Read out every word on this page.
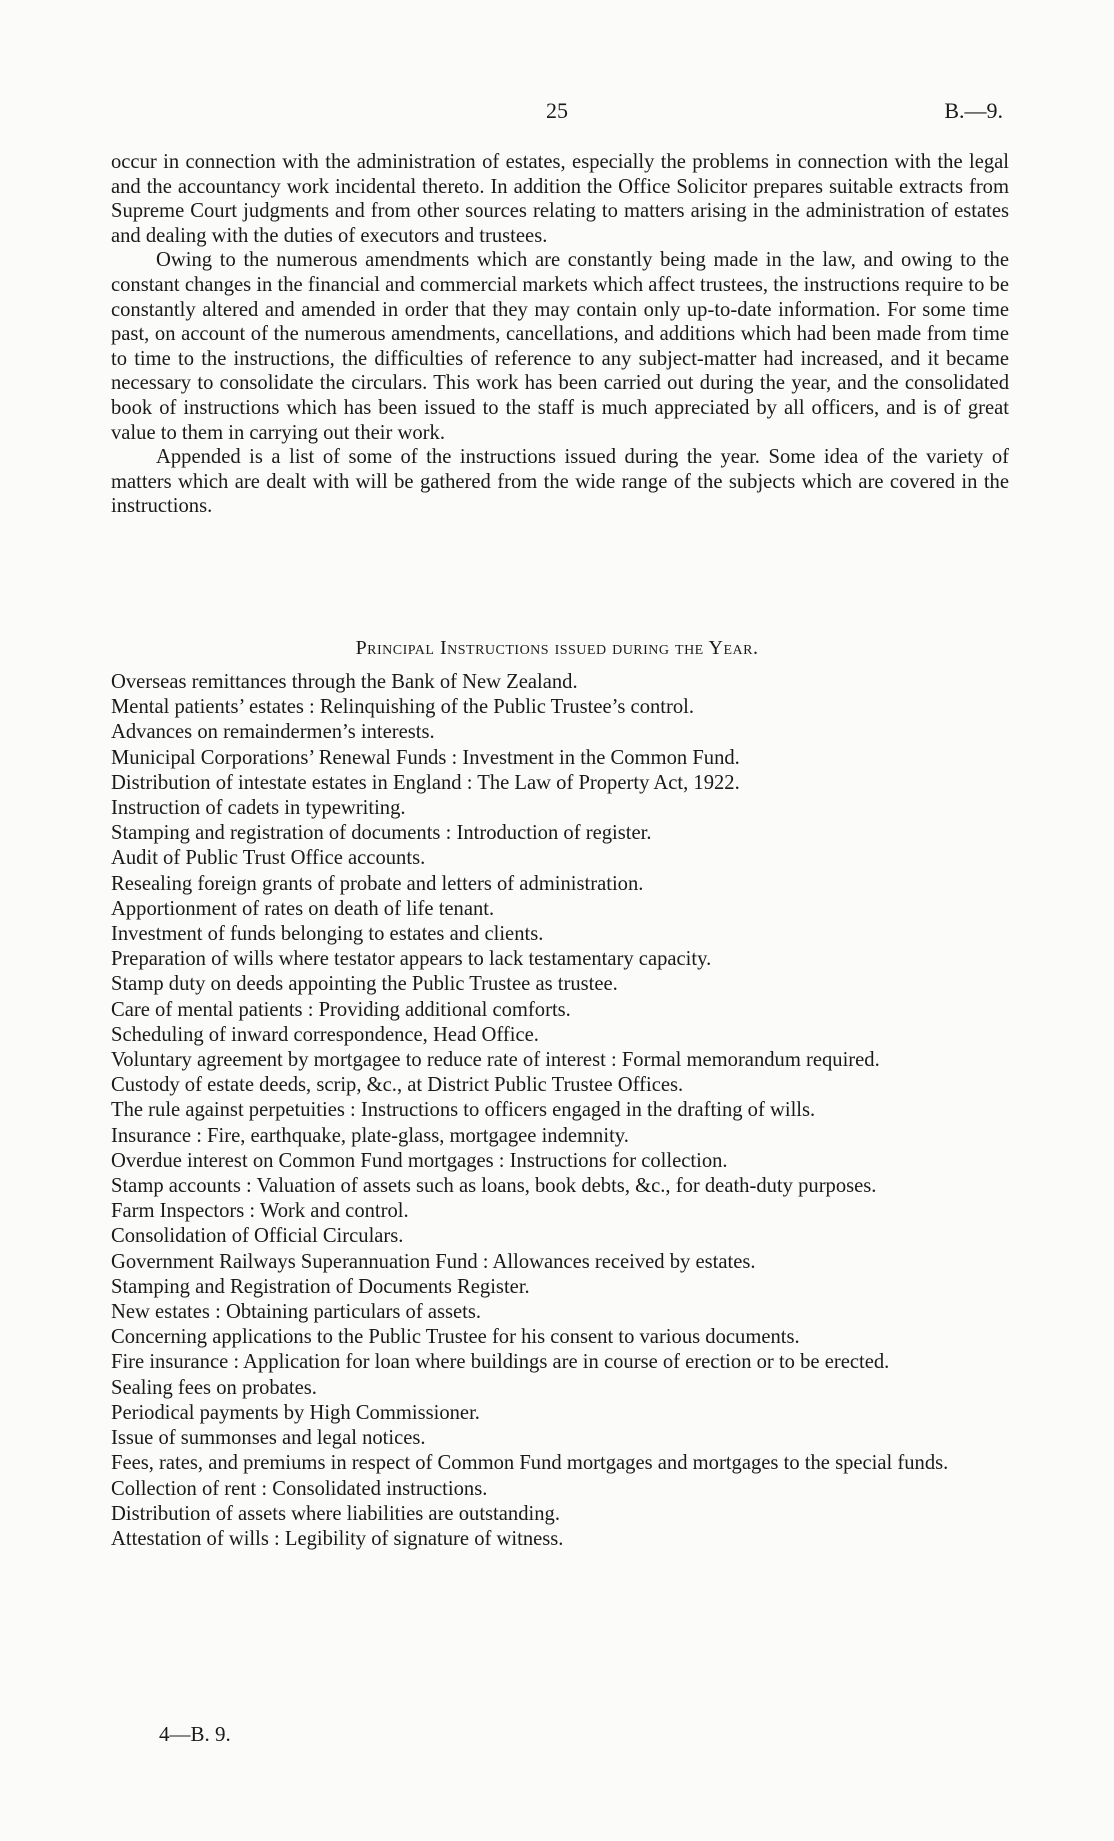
25	B.—9.

occur in connection with the administration of estates, especially the problems in connection with the legal and the accountancy work incidental thereto. In addition the Office Solicitor prepares suitable extracts from Supreme Court judgments and from other sources relating to matters arising in the administration of estates and dealing with the duties of executors and trustees.

Owing to the numerous amendments which are constantly being made in the law, and owing to the constant changes in the financial and commercial markets which affect trustees, the instructions require to be constantly altered and amended in order that they may contain only up-to-date information. For some time past, on account of the numerous amendments, cancellations, and additions which had been made from time to time to the instructions, the difficulties of reference to any subject-matter had increased, and it became necessary to consolidate the circulars. This work has been carried out during the year, and the consolidated book of instructions which has been issued to the staff is much appreciated by all officers, and is of great value to them in carrying out their work.

Appended is a list of some of the instructions issued during the year. Some idea of the variety of matters which are dealt with will be gathered from the wide range of the subjects which are covered in the instructions.

Principal Instructions issued during the Year.
Overseas remittances through the Bank of New Zealand.
Mental patients’ estates : Relinquishing of the Public Trustee’s control.
Advances on remaindermen’s interests.
Municipal Corporations’ Renewal Funds : Investment in the Common Fund.
Distribution of intestate estates in England : The Law of Property Act, 1922.
Instruction of cadets in typewriting.
Stamping and registration of documents : Introduction of register.
Audit of Public Trust Office accounts.
Resealing foreign grants of probate and letters of administration.
Apportionment of rates on death of life tenant.
Investment of funds belonging to estates and clients.
Preparation of wills where testator appears to lack testamentary capacity.
Stamp duty on deeds appointing the Public Trustee as trustee.
Care of mental patients : Providing additional comforts.
Scheduling of inward correspondence, Head Office.
Voluntary agreement by mortgagee to reduce rate of interest : Formal memorandum required.
Custody of estate deeds, scrip, &c., at District Public Trustee Offices.
The rule against perpetuities : Instructions to officers engaged in the drafting of wills.
Insurance : Fire, earthquake, plate-glass, mortgagee indemnity.
Overdue interest on Common Fund mortgages : Instructions for collection.
Stamp accounts : Valuation of assets such as loans, book debts, &c., for death-duty purposes.
Farm Inspectors : Work and control.
Consolidation of Official Circulars.
Government Railways Superannuation Fund : Allowances received by estates.
Stamping and Registration of Documents Register.
New estates : Obtaining particulars of assets.
Concerning applications to the Public Trustee for his consent to various documents.
Fire insurance : Application for loan where buildings are in course of erection or to be erected.
Sealing fees on probates.
Periodical payments by High Commissioner.
Issue of summonses and legal notices.
Fees, rates, and premiums in respect of Common Fund mortgages and mortgages to the special funds.
Collection of rent : Consolidated instructions.
Distribution of assets where liabilities are outstanding.
Attestation of wills : Legibility of signature of witness.
4—B. 9.
